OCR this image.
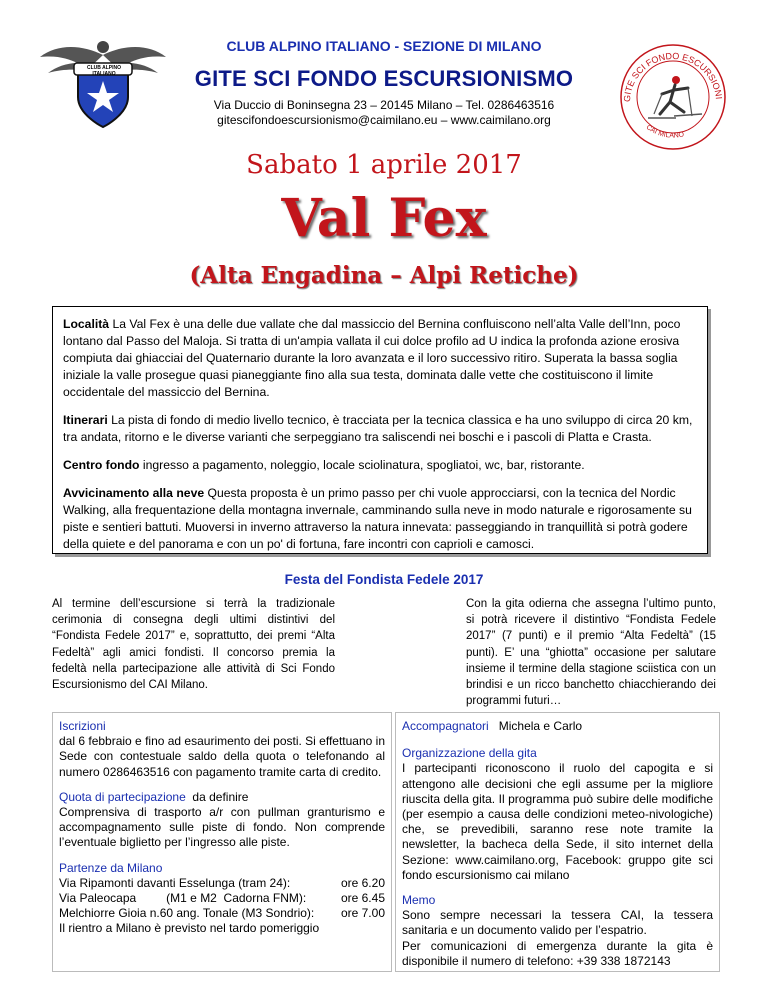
CLUB ALPINO ITALIANO
GITE SCI FONDO ESCURSIONI
CAI MILANO
CLUB ALPINO ITALIANO - SEZIONE DI MILANO
GITE SCI FONDO ESCURSIONISMO
Via Duccio di Boninsegna 23 – 20145 Milano – Tel. 0286463516
gitescifondoescursionismo@caimilano.eu – www.caimilano.org
Sabato 1 aprile 2017
Val Fex
(Alta Engadina – Alpi Retiche)

Località La Val Fex è una delle due vallate che dal massiccio del Bernina confluiscono nell’alta Valle dell’Inn, poco lontano dal Passo del Maloja. Si tratta di un'ampia vallata il cui dolce profilo ad U indica la profonda azione erosiva compiuta dai ghiacciai del Quaternario durante la loro avanzata e il loro successivo ritiro. Superata la bassa soglia iniziale la valle prosegue quasi pianeggiante fino alla sua testa, dominata dalle vette che costituiscono il limite occidentale del massiccio del Bernina.

Itinerari La pista di fondo di medio livello tecnico, è tracciata per la tecnica classica e ha uno sviluppo di circa 20 km, tra andata, ritorno e le diverse varianti che serpeggiano tra saliscendi nei boschi e i pascoli di Platta e Crasta.

Centro fondo ingresso a pagamento, noleggio, locale sciolinatura, spogliatoi, wc, bar, ristorante.

Avvicinamento alla neve Questa proposta è un primo passo per chi vuole approcciarsi, con la tecnica del Nordic Walking, alla frequentazione della montagna invernale, camminando sulla neve in modo naturale e rigorosamente su piste e sentieri battuti. Muoversi in inverno attraverso la natura innevata: passeggiando in tranquillità si potrà godere della quiete e del panorama e con un po' di fortuna, fare incontri con caprioli e camosci.

Festa del Fondista Fedele 2017
Al termine dell’escursione si terrà la tradizionale cerimonia di consegna degli ultimi distintivi del “Fondista Fedele 2017” e, soprattutto, dei premi “Alta Fedeltà” agli amici fondisti. Il concorso premia la fedeltà nella partecipazione alle attività di Sci Fondo Escursionismo del CAI Milano.
Con la gita odierna che assegna l’ultimo punto, si potrà ricevere il distintivo “Fondista Fedele 2017” (7 punti) e il premio “Alta Fedeltà” (15 punti). E’ una “ghiotta” occasione per salutare insieme il termine della stagione sciistica con un brindisi e un ricco banchetto chiacchierando dei programmi futuri…
Iscrizioni
dal 6 febbraio e fino ad esaurimento dei posti. Si effettuano in Sede con contestuale saldo della quota o telefonando al numero 0286463516 con pagamento tramite carta di credito.
Quota di partecipazione da definire
Comprensiva di trasporto a/r con pullman granturismo e accompagnamento sulle piste di fondo. Non comprende l’eventuale biglietto per l’ingresso alle piste.
Partenze da Milano
Via Ripamonti davanti Esselunga (tram 24):	ore 6.20
Via Paleocapa         (M1 e M2  Cadorna FNM):	ore 6.45
Melchiorre Gioia n.60 ang. Tonale (M3 Sondrio): ore 7.00
Il rientro a Milano è previsto nel tardo pomeriggio
Accompagnatori Michela e Carlo
Organizzazione della gita
I partecipanti riconoscono il ruolo del capogita e si attengono alle decisioni che egli assume per la migliore riuscita della gita. Il programma può subire delle modifiche (per esempio a causa delle condizioni meteo-nivologiche) che, se prevedibili, saranno rese note tramite la newsletter, la bacheca della Sede, il sito internet della Sezione: www.caimilano.org, Facebook: gruppo gite sci fondo escursionismo cai milano
Memo
Sono sempre necessari la tessera CAI, la tessera sanitaria e un documento valido per l’espatrio.
Per comunicazioni di emergenza durante la gita è disponibile il numero di telefono: +39 338 1872143
